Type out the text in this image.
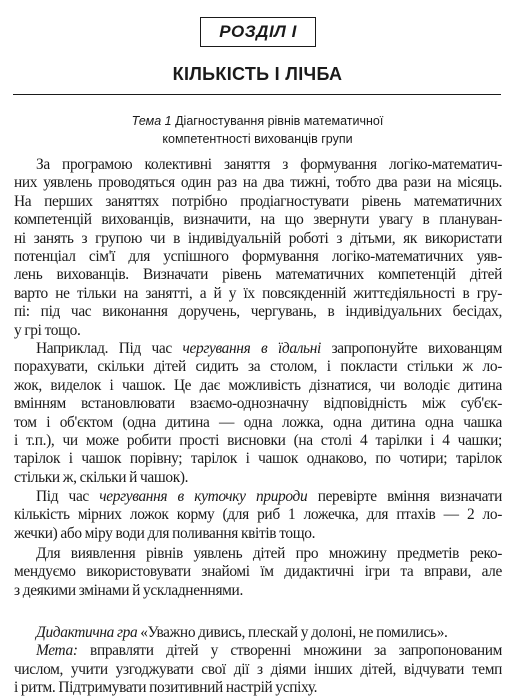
РОЗДІЛ І
КІЛЬКІСТЬ І ЛІЧБА
Тема 1 Діагностування рівнів математичної
компетентності вихованців групи
За програмою колективні заняття з формування логіко-математич-
них уявлень проводяться один раз на два тижні, тобто два рази на місяць.
На перших заняттях потрібно продіагностувати рівень математичних
компетенцій вихованців, визначити, на що звернути увагу в плануван-
ні занять з групою чи в індивідуальній роботі з дітьми, як використати
потенціал сім'ї для успішного формування логіко-математичних уяв-
лень вихованців. Визначати рівень математичних компетенцій дітей
варто не тільки на занятті, а й у їх повсякденній життєдіяльності в гру-
пі: під час виконання доручень, чергувань, в індивідуальних бесідах,
у грі тощо.
Наприклад. Під час чергування в їдальні запропонуйте вихованцям
порахувати, скільки дітей сидить за столом, і покласти стільки ж ло-
жок, виделок і чашок. Це дає можливість дізнатися, чи володіє дитина
вмінням встановлювати взаємо-однозначну відповідність між суб'єк-
том і об'єктом (одна дитина — одна ложка, одна дитина одна чашка
і т.п.), чи може робити прості висновки (на столі 4 тарілки і 4 чашки;
тарілок і чашок порівну; тарілок і чашок однаково, по чотири; тарілок
стільки ж, скільки й чашок).
Під час чергування в куточку природи перевірте вміння визначати
кількість мірних ложок корму (для риб 1 ложечка, для птахів — 2 ло-
жечки) або міру води для поливання квітів тощо.
Для виявлення рівнів уявлень дітей про множину предметів реко-
мендуємо використовувати знайомі їм дидактичні ігри та вправи, але
з деякими змінами й ускладненнями.
Дидактична гра «Уважно дивись, плескай у долоні, не помились».
Мета: вправляти дітей у створенні множини за запропонованим
числом, учити узгоджувати свої дії з діями інших дітей, відчувати темп
і ритм. Підтримувати позитивний настрій успіху.
